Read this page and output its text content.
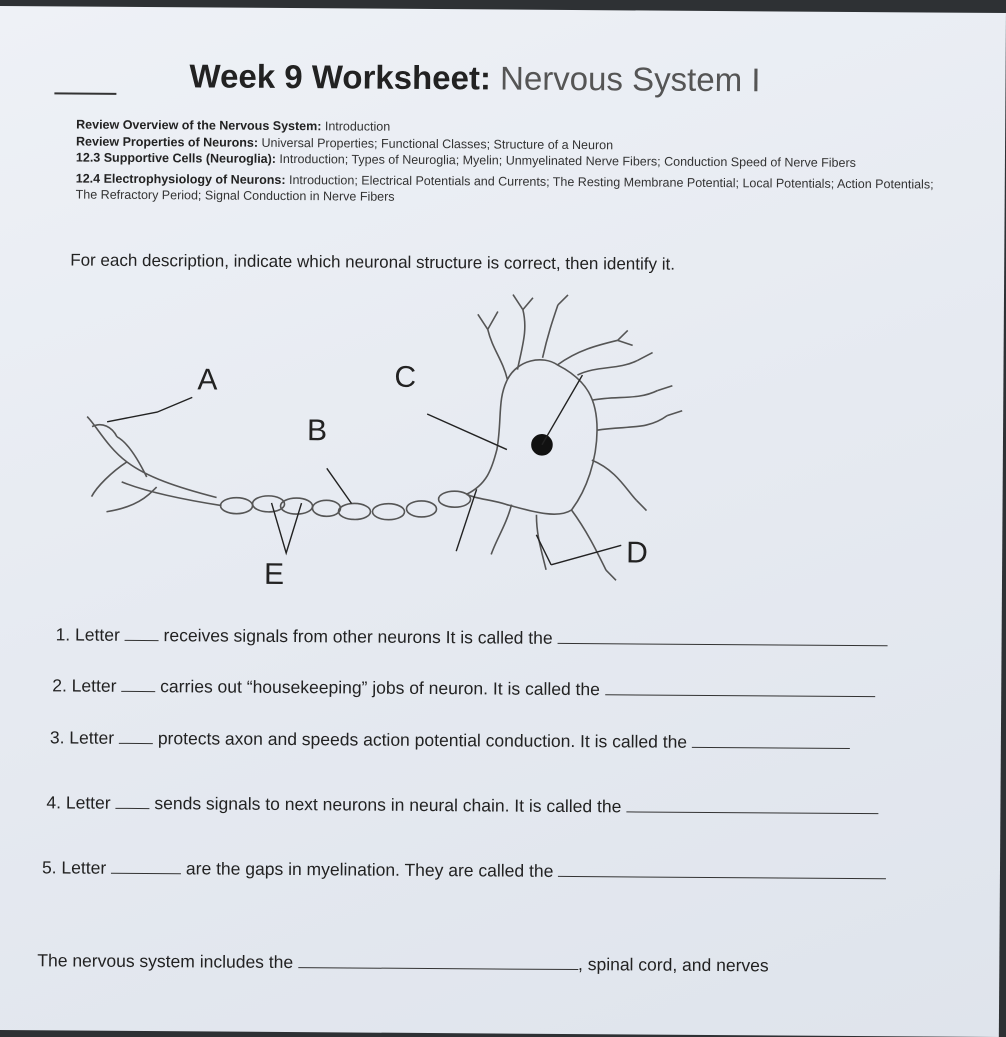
Week 9 Worksheet: Nervous System I
Review Overview of the Nervous System: Introduction
Review Properties of Neurons: Universal Properties; Functional Classes; Structure of a Neuron
12.3 Supportive Cells (Neuroglia): Introduction; Types of Neuroglia; Myelin; Unmyelinated Nerve Fibers; Conduction Speed of Nerve Fibers
12.4 Electrophysiology of Neurons: Introduction; Electrical Potentials and Currents; The Resting Membrane Potential; Local Potentials; Action Potentials; The Refractory Period; Signal Conduction in Nerve Fibers
For each description, indicate which neuronal structure is correct, then identify it.
A	C
B
D
E
1. Letter receives signals from other neurons It is called the
2. Letter carries out “housekeeping” jobs of neuron. It is called the
3. Letter protects axon and speeds action potential conduction. It is called the
4. Letter sends signals to next neurons in neural chain. It is called the
5. Letter	are the gaps in myelination. They are called the
The nervous system includes the	, spinal cord, and nerves
